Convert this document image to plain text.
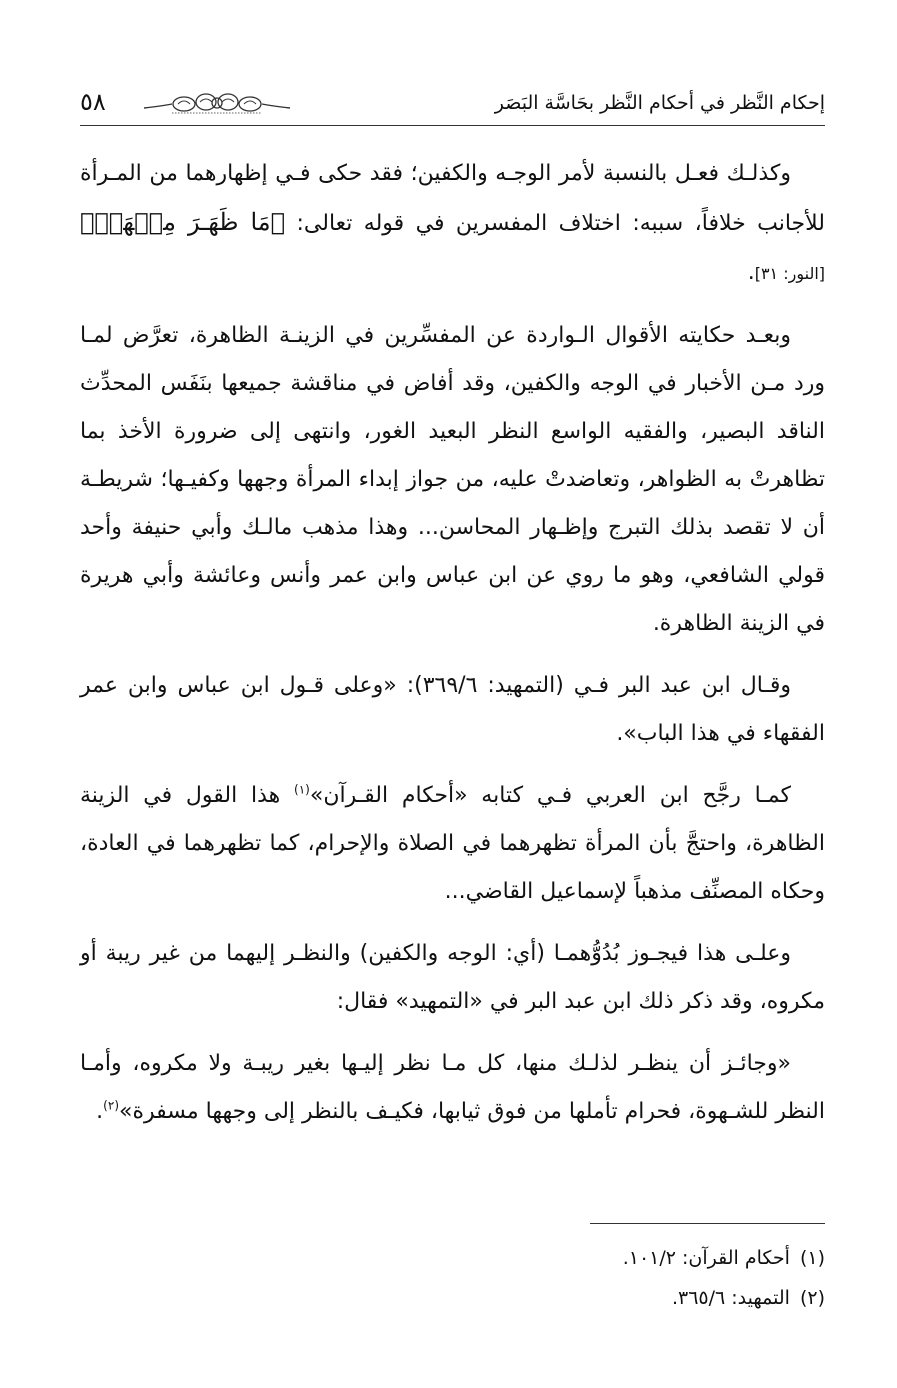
٥٨	إحكام النَّظر في أحكام النَّظر بحَاسَّة البَصَر

وكذلـك فعـل بالنسبة لأمر الوجـه والكفين؛ فقد حكى فـي إظهارهما من المـرأة للأجانب خلافاً، سببه: اختلاف المفسرين في قوله تعالى: ﴿مَا ظَهَـرَ مِنۡهَاۖ﴾ [النور: ٣١].

وبعـد حكايته الأقوال الـواردة عن المفسِّرين في الزينـة الظاهرة، تعرَّض لمـا ورد مـن الأخبار في الوجه والكفين، وقد أفاض في مناقشة جميعها بنَفَس المحدِّث الناقد البصير، والفقيه الواسع النظر البعيد الغور، وانتهى إلى ضرورة الأخذ بما تظاهرتْ به الظواهر، وتعاضدتْ عليه، من جواز إبداء المرأة وجهها وكفيـها؛ شريطـة أن لا تقصد بذلك التبرج وإظـهار المحاسن... وهذا مذهب مالـك وأبي حنيفة وأحد قولي الشافعي، وهو ما روي عن ابن عباس وابن عمر وأنس وعائشة وأبي هريرة في الزينة الظاهرة.

وقـال ابن عبد البر فـي (التمهيد: ٣٦٩/٦): «وعلى قـول ابن عباس وابن عمر الفقهاء في هذا الباب».

كمـا رجَّح ابن العربي فـي كتابه «أحكام القـرآن»$^{(١)}$ هذا القول في الزينة الظاهرة، واحتجَّ بأن المرأة تظهرهما في الصلاة والإحرام، كما تظهرهما في العادة، وحكاه المصنِّف مذهباً لإسماعيل القاضي...

وعلـى هذا فيجـوز بُدُوُّهمـا (أي: الوجه والكفين) والنظـر إليهما من غير ريبة أو مكروه، وقد ذكر ذلك ابن عبد البر في «التمهيد» فقال:

«وجائـز أن ينظـر لذلـك منها، كل مـا نظر إليـها بغير ريبـة ولا مكروه، وأمـا النظر للشـهوة، فحرام تأملها من فوق ثيابها، فكيـف بالنظر إلى وجهها مسفرة»$^{(٢)}$.

(١)أحكام القرآن: ١٠١/٢.
(٢)التمهيد: ٣٦٥/٦.
